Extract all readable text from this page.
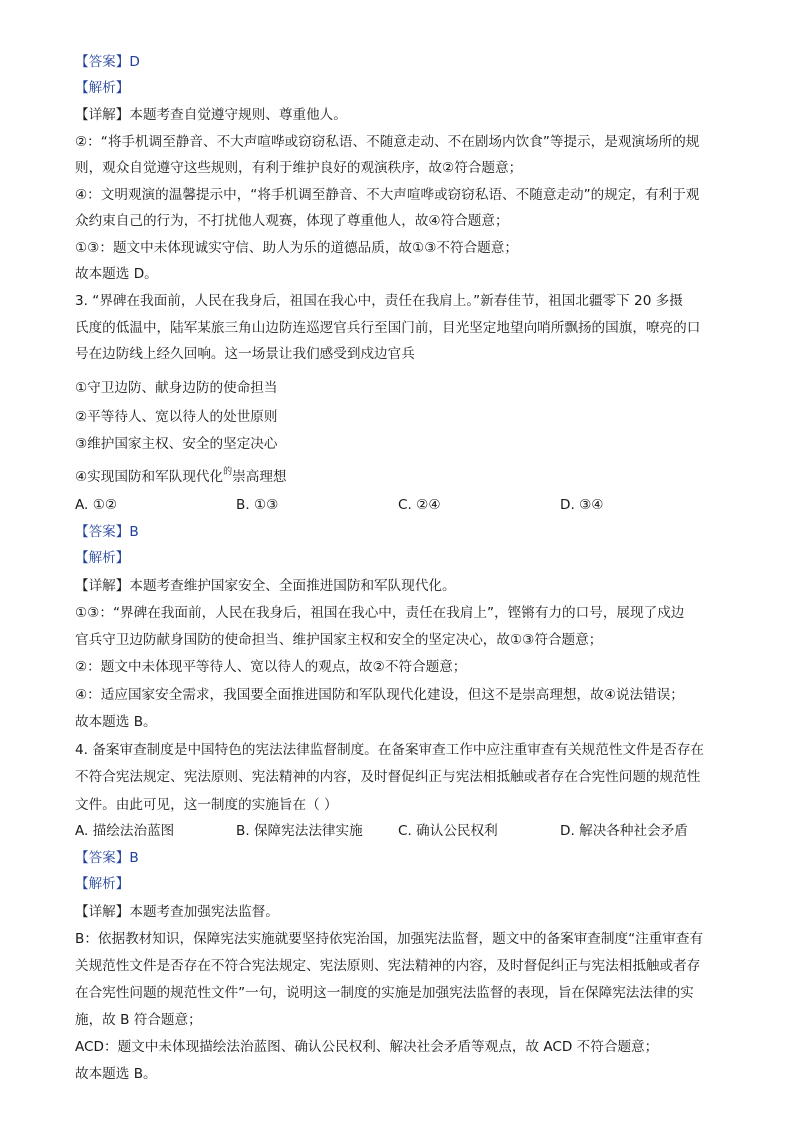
【答案】D
【解析】
【详解】本题考查自觉遵守规则、尊重他人。
②：“将手机调至静音、不大声喧哗或窃窃私语、不随意走动、不在剧场内饮食”等提示，是观演场所的规
则，观众自觉遵守这些规则，有利于维护良好的观演秩序，故②符合题意；
④：文明观演的温馨提示中，“将手机调至静音、不大声喧哗或窃窃私语、不随意走动”的规定，有利于观
众约束自己的行为，不打扰他人观赛，体现了尊重他人，故④符合题意；
①③：题文中未体现诚实守信、助人为乐的道德品质，故①③不符合题意；
故本题选 D。
3. “界碑在我面前，人民在我身后，祖国在我心中，责任在我肩上。”新春佳节，祖国北疆零下 20 多摄
氏度的低温中，陆军某旅三角山边防连巡逻官兵行至国门前，目光坚定地望向哨所飘扬的国旗，嘹亮的口
号在边防线上经久回响。这一场景让我们感受到戍边官兵
①守卫边防、献身边防的使命担当
②平等待人、宽以待人的处世原则
③维护国家主权、安全的坚定决心
④实现国防和军队现代化$^的$崇高理想
A. ①②	B. ①③	C. ②④	D. ③④
【答案】B
【解析】
【详解】本题考查维护国家安全、全面推进国防和军队现代化。
①③：“界碑在我面前，人民在我身后，祖国在我心中，责任在我肩上”，铿锵有力的口号，展现了戍边
官兵守卫边防献身国防的使命担当、维护国家主权和安全的坚定决心，故①③符合题意；
②：题文中未体现平等待人、宽以待人的观点，故②不符合题意；
④：适应国家安全需求，我国要全面推进国防和军队现代化建设，但这不是崇高理想，故④说法错误；
故本题选 B。
4. 备案审查制度是中国特色的宪法法律监督制度。在备案审查工作中应注重审查有关规范性文件是否存在
不符合宪法规定、宪法原则、宪法精神的内容，及时督促纠正与宪法相抵触或者存在合宪性问题的规范性
文件。由此可见，这一制度的实施旨在（ ）
A. 描绘法治蓝图	B. 保障宪法法律实施	C. 确认公民权利	D. 解决各种社会矛盾
【答案】B
【解析】
【详解】本题考查加强宪法监督。
B：依据教材知识，保障宪法实施就要坚持依宪治国，加强宪法监督，题文中的备案审查制度“注重审查有
关规范性文件是否存在不符合宪法规定、宪法原则、宪法精神的内容，及时督促纠正与宪法相抵触或者存
在合宪性问题的规范性文件”一句，说明这一制度的实施是加强宪法监督的表现，旨在保障宪法法律的实
施，故 B 符合题意；
ACD：题文中未体现描绘法治蓝图、确认公民权利、解决社会矛盾等观点，故 ACD 不符合题意；
故本题选 B。
